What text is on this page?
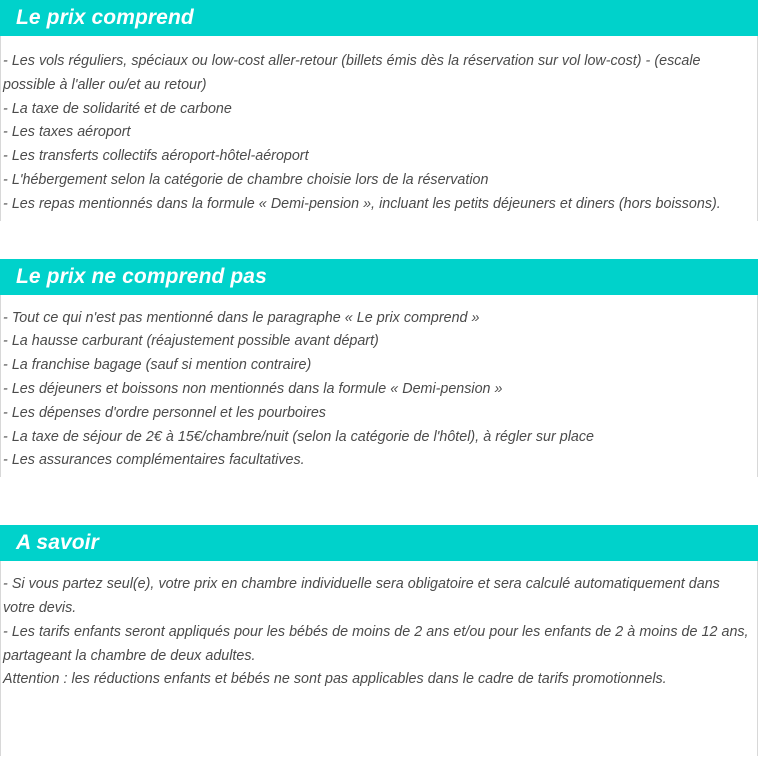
Le prix comprend

- Les vols réguliers, spéciaux ou low-cost aller-retour (billets émis dès la réservation sur vol low-cost) - (escale possible à l'aller ou/et au retour)

- La taxe de solidarité et de carbone

- Les taxes aéroport

- Les transferts collectifs aéroport-hôtel-aéroport

- L'hébergement selon la catégorie de chambre choisie lors de la réservation

- Les repas mentionnés dans la formule « Demi-pension », incluant les petits déjeuners et diners (hors boissons).

Le prix ne comprend pas

- Tout ce qui n'est pas mentionné dans le paragraphe « Le prix comprend »

- La hausse carburant (réajustement possible avant départ)

- La franchise bagage (sauf si mention contraire)

- Les déjeuners et boissons non mentionnés dans la formule « Demi-pension »

- Les dépenses d'ordre personnel et les pourboires

- La taxe de séjour de 2€ à 15€/chambre/nuit (selon la catégorie de l'hôtel), à régler sur place

- Les assurances complémentaires facultatives.

A savoir

- Si vous partez seul(e), votre prix en chambre individuelle sera obligatoire et sera calculé automatiquement dans votre devis.

- Les tarifs enfants seront appliqués pour les bébés de moins de 2 ans et/ou pour les enfants de 2 à moins de 12 ans, partageant la chambre de deux adultes.

Attention : les réductions enfants et bébés ne sont pas applicables dans le cadre de tarifs promotionnels.
